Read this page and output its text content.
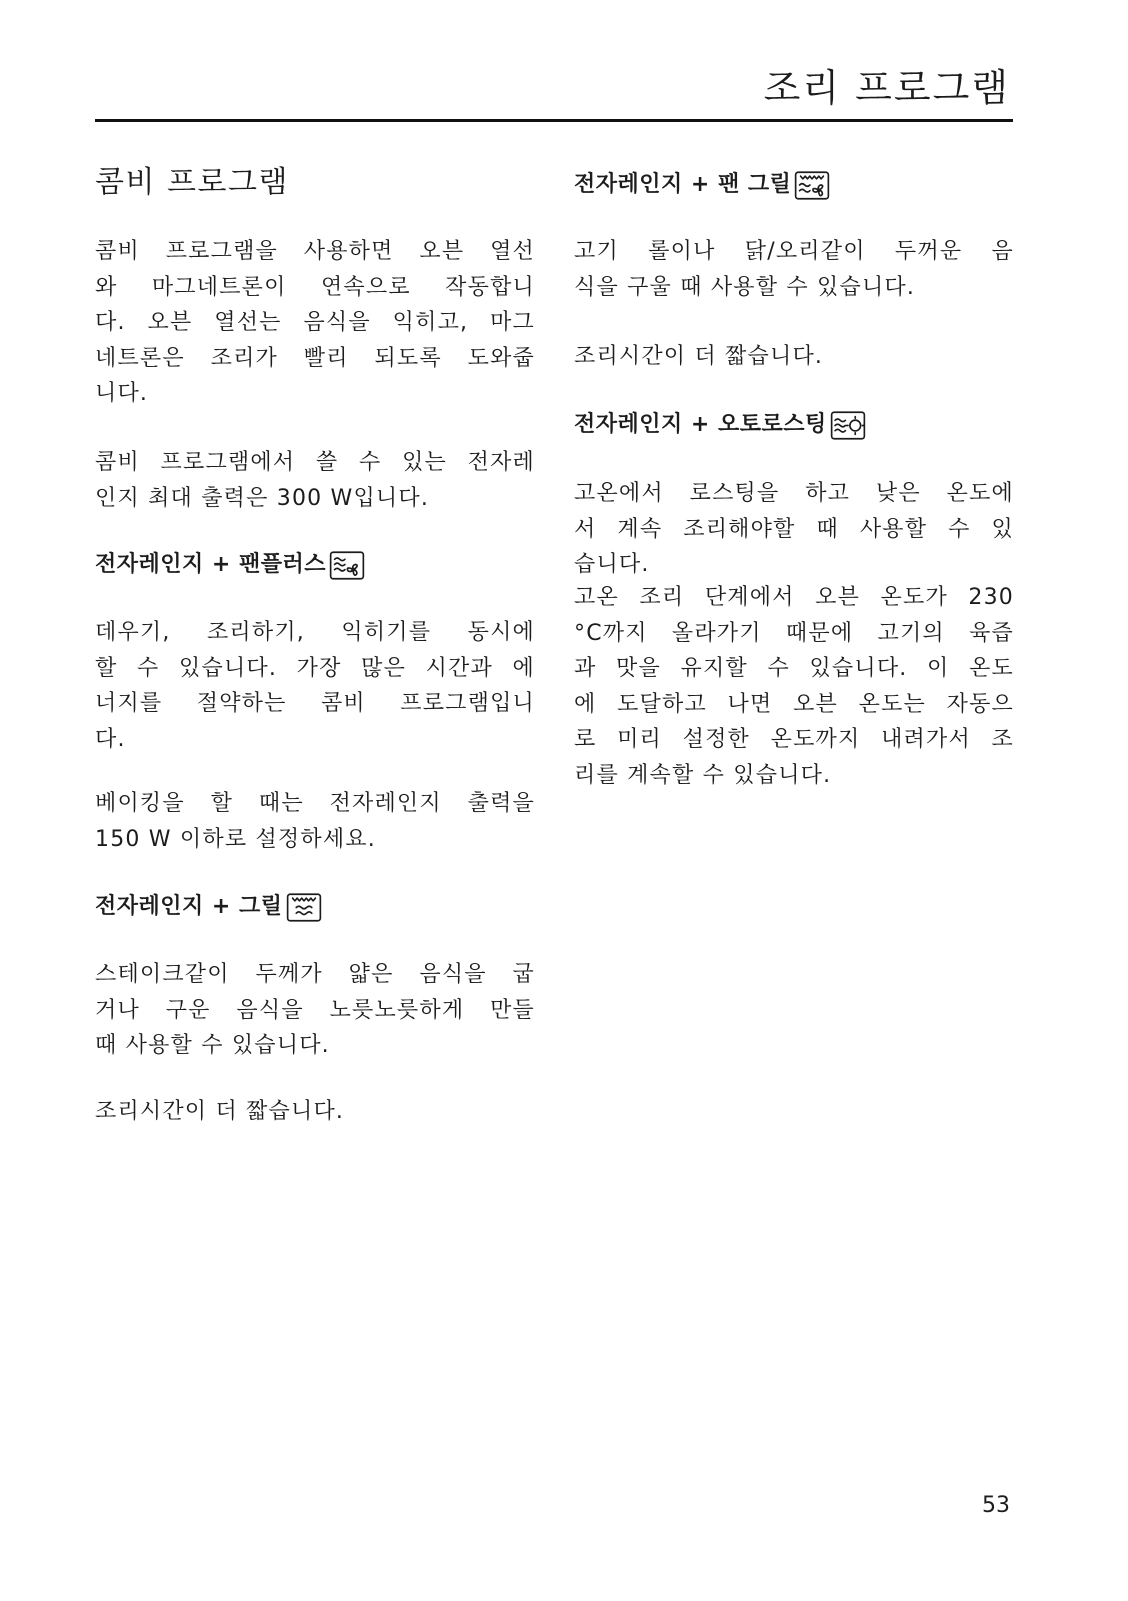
조리 프로그램
콤비 프로그램
콤비 프로그램을 사용하면 오븐 열선
와 마그네트론이 연속으로 작동합니
다. 오븐 열선는 음식을 익히고, 마그
네트론은 조리가 빨리 되도록 도와줍
니다.
콤비 프로그램에서 쓸 수 있는 전자레
인지 최대 출력은 300 W입니다.
전자레인지 + 팬플러스
데우기, 조리하기, 익히기를 동시에
할 수 있습니다. 가장 많은 시간과 에
너지를 절약하는 콤비 프로그램입니
다.
베이킹을 할 때는 전자레인지 출력을
150 W 이하로 설정하세요.
전자레인지 + 그릴
스테이크같이 두께가 얇은 음식을 굽
거나 구운 음식을 노릇노릇하게 만들
때 사용할 수 있습니다.
조리시간이 더 짧습니다.
전자레인지 + 팬 그릴
고기 롤이나 닭/오리같이 두꺼운 음
식을 구울 때 사용할 수 있습니다.
조리시간이 더 짧습니다.
전자레인지 + 오토로스팅
고온에서 로스팅을 하고 낮은 온도에
서 계속 조리해야할 때 사용할 수 있
습니다.
고온 조리 단계에서 오븐 온도가 230
°C까지 올라가기 때문에 고기의 육즙
과 맛을 유지할 수 있습니다. 이 온도
에 도달하고 나면 오븐 온도는 자동으
로 미리 설정한 온도까지 내려가서 조
리를 계속할 수 있습니다.
53
